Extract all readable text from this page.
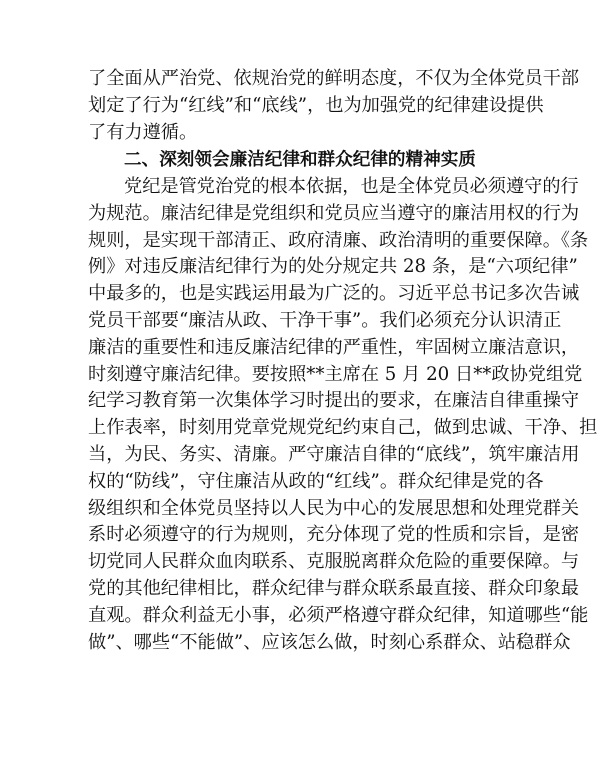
了全面从严治党、依规治党的鲜明态度，不仅为全体党员干部
划定了行为“红线”和“底线”，也为加强党的纪律建设提供
了有力遵循。
二、深刻领会廉洁纪律和群众纪律的精神实质
党纪是管党治党的根本依据，也是全体党员必须遵守的行
为规范。廉洁纪律是党组织和党员应当遵守的廉洁用权的行为
规则，是实现干部清正、政府清廉、政治清明的重要保障。《条
例》对违反廉洁纪律行为的处分规定共 28 条，是“六项纪律”
中最多的，也是实践运用最为广泛的。习近平总书记多次告诫
党员干部要“廉洁从政、干净干事”。我们必须充分认识清正
廉洁的重要性和违反廉洁纪律的严重性，牢固树立廉洁意识，
时刻遵守廉洁纪律。要按照**主席在 5 月 20 日**政协党组党
纪学习教育第一次集体学习时提出的要求，在廉洁自律重操守
上作表率，时刻用党章党规党纪约束自己，做到忠诚、干净、担
当，为民、务实、清廉。严守廉洁自律的“底线”，筑牢廉洁用
权的“防线”，守住廉洁从政的“红线”。群众纪律是党的各
级组织和全体党员坚持以人民为中心的发展思想和处理党群关
系时必须遵守的行为规则，充分体现了党的性质和宗旨，是密
切党同人民群众血肉联系、克服脱离群众危险的重要保障。与
党的其他纪律相比，群众纪律与群众联系最直接、群众印象最
直观。群众利益无小事，必须严格遵守群众纪律，知道哪些“能
做”、哪些“不能做”、应该怎么做，时刻心系群众、站稳群众
